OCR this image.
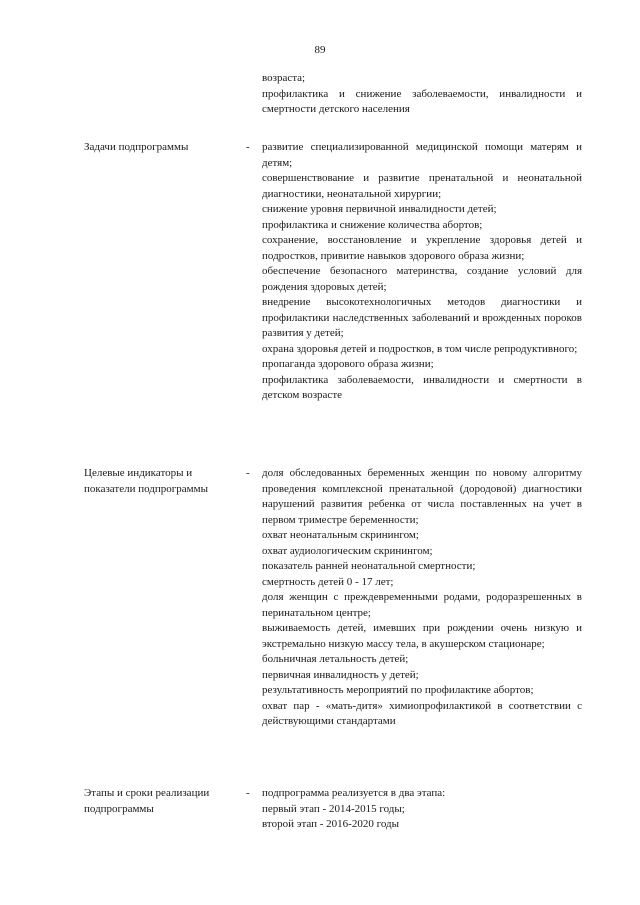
89
возраста;
профилактика и снижение заболеваемости, инвалидности и смертности детского населения
Задачи подпрограммы	- развитие специализированной медицинской помощи матерям и детям;
совершенствование и развитие пренатальной и неонатальной диагностики, неонатальной хирургии;
снижение уровня первичной инвалидности детей;
профилактика и снижение количества абортов;
сохранение, восстановление и укрепление здоровья детей и подростков, привитие навыков здорового образа жизни;
обеспечение безопасного материнства, создание условий для рождения здоровых детей;
внедрение высокотехнологичных методов диагностики и профилактики наследственных заболеваний и врожденных пороков развития у детей;
охрана здоровья детей и подростков, в том числе репродуктивного;
пропаганда здорового образа жизни;
профилактика заболеваемости, инвалидности и смертности в детском возрасте
Целевые индикаторы и показатели подпрограммы
- доля обследованных беременных женщин по новому алгоритму проведения комплексной пренатальной (дородовой) диагностики нарушений развития ребенка от числа поставленных на учет в первом триместре беременности;
охват неонатальным скринингом;
охват аудиологическим скринингом;
показатель ранней неонатальной смертности;
смертность детей 0 - 17 лет;
доля женщин с преждевременными родами, родоразрешенных в перинатальном центре;
выживаемость детей, имевших при рождении очень низкую и экстремально низкую массу тела, в акушерском стационаре;
больничная летальность детей;
первичная инвалидность у детей;
результативность мероприятий по профилактике абортов;
охват пар - «мать-дитя» химиопрофилактикой в соответствии с действующими стандартами
Этапы и сроки реализации подпрограммы
- подпрограмма реализуется в два этапа:
первый этап - 2014-2015 годы;
второй этап - 2016-2020 годы
